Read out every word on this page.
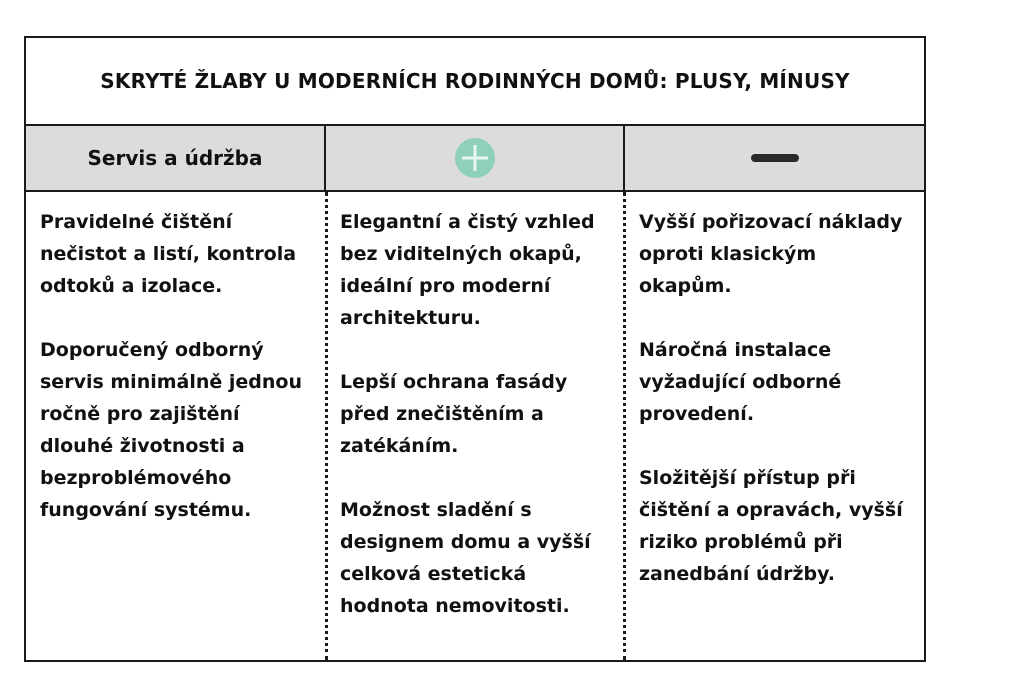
SKRYTÉ ŽLABY U MODERNÍCH RODINNÝCH DOMŮ: PLUSY, MÍNUSY
Servis a údržba

Pravidelné čištění nečistot a listí, kontrola odtoků a izolace.

Doporučený odborný servis minimálně jednou ročně pro zajištění dlouhé životnosti a bezproblémového fungování systému.

Elegantní a čistý vzhled bez viditelných okapů, ideální pro moderní architekturu.

Lepší ochrana fasády před znečištěním a zatékáním.

Možnost sladění s designem domu a vyšší celková estetická hodnota nemovitosti.

Vyšší pořizovací náklady oproti klasickým okapům.

Náročná instalace vyžadující odborné provedení.

Složitější přístup při čištění a opravách, vyšší riziko problémů při zanedbání údržby.
